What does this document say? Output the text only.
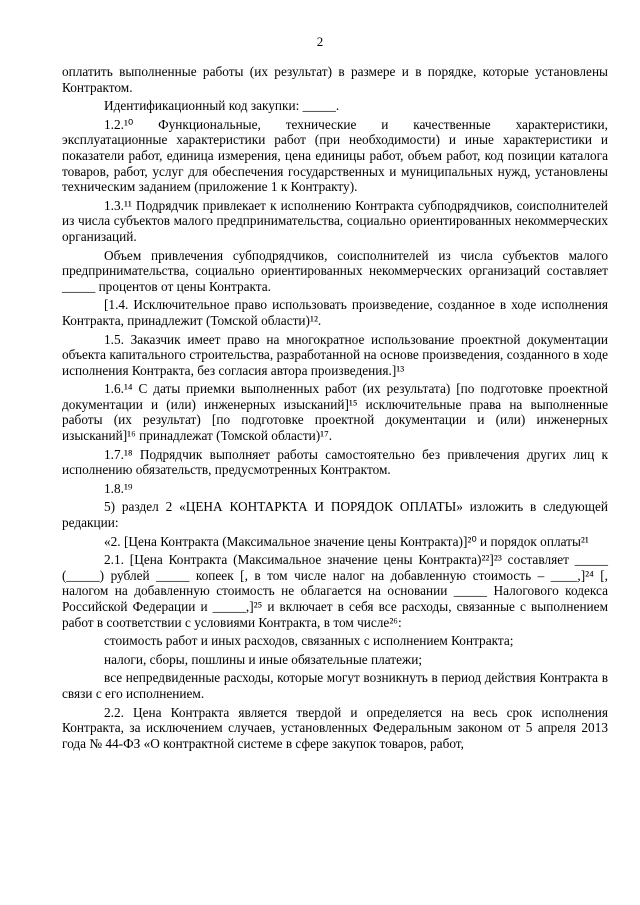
2

оплатить выполненные работы (их результат) в размере и в порядке, которые установлены Контрактом.

Идентификационный код закупки: _____.

1.2.¹⁰ Функциональные, технические и качественные характеристики, эксплуатационные характеристики работ (при необходимости) и иные характеристики и показатели работ, единица измерения, цена единицы работ, объем работ, код позиции каталога товаров, работ, услуг для обеспечения государственных и муниципальных нужд, установлены техническим заданием (приложение 1 к Контракту).

1.3.¹¹ Подрядчик привлекает к исполнению Контракта субподрядчиков, соисполнителей из числа субъектов малого предпринимательства, социально ориентированных некоммерческих организаций.

Объем привлечения субподрядчиков, соисполнителей из числа субъектов малого предпринимательства, социально ориентированных некоммерческих организаций составляет _____ процентов от цены Контракта.

[1.4. Исключительное право использовать произведение, созданное в ходе исполнения Контракта, принадлежит (Томской области)¹².

1.5. Заказчик имеет право на многократное использование проектной документации объекта капитального строительства, разработанной на основе произведения, созданного в ходе исполнения Контракта, без согласия автора произведения.]¹³

1.6.¹⁴ С даты приемки выполненных работ (их результата) [по подготовке проектной документации и (или) инженерных изысканий]¹⁵ исключительные права на выполненные работы (их результат) [по подготовке проектной документации и (или) инженерных изысканий]¹⁶ принадлежат (Томской области)¹⁷.

1.7.¹⁸ Подрядчик выполняет работы самостоятельно без привлечения других лиц к исполнению обязательств, предусмотренных Контрактом.

1.8.¹⁹

5) раздел 2 «ЦЕНА КОНТАРКТА И ПОРЯДОК ОПЛАТЫ» изложить в следующей редакции:

«2. [Цена Контракта (Максимальное значение цены Контракта)]²⁰ и порядок оплаты²¹

2.1. [Цена Контракта (Максимальное значение цены Контракта)²²]²³ составляет _____ (_____) рублей _____ копеек [, в том числе налог на добавленную стоимость – ____,]²⁴ [, налогом на добавленную стоимость не облагается на основании _____ Налогового кодекса Российской Федерации и _____,]²⁵ и включает в себя все расходы, связанные с выполнением работ в соответствии с условиями Контракта, в том числе²⁶:

стоимость работ и иных расходов, связанных с исполнением Контракта;

налоги, сборы, пошлины и иные обязательные платежи;

все непредвиденные расходы, которые могут возникнуть в период действия Контракта в связи с его исполнением.

2.2. Цена Контракта является твердой и определяется на весь срок исполнения Контракта, за исключением случаев, установленных Федеральным законом от 5 апреля 2013 года № 44-ФЗ «О контрактной системе в сфере закупок товаров, работ,
